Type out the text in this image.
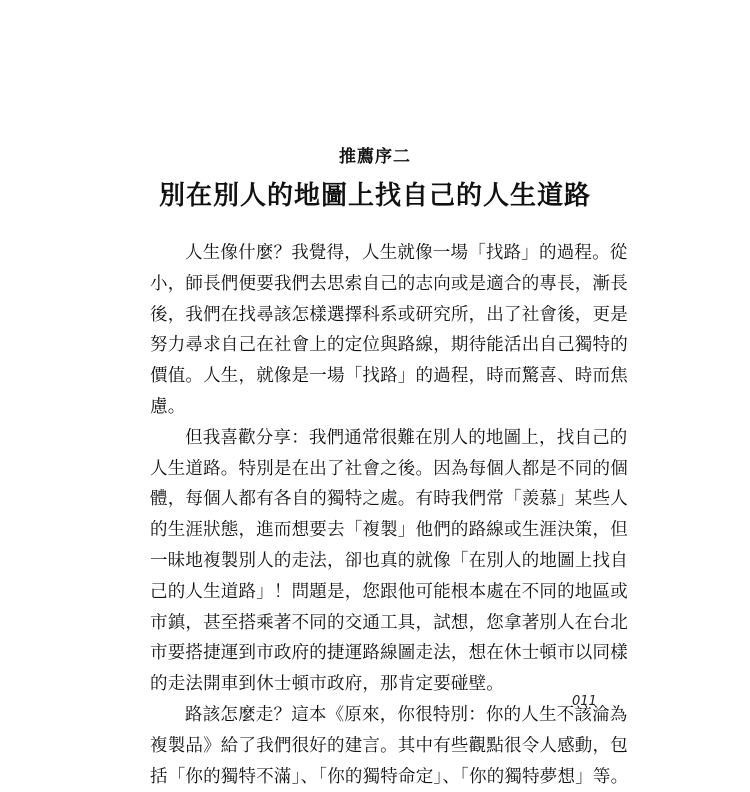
推薦序二
別在別人的地圖上找自己的人生道路
人生像什麼？我覺得，人生就像一場「找路」的過程。從
小，師長們便要我們去思索自己的志向或是適合的專長，漸長
後，我們在找尋該怎樣選擇科系或研究所，出了社會後，更是
努力尋求自己在社會上的定位與路線，期待能活出自己獨特的
價值。人生，就像是一場「找路」的過程，時而驚喜、時而焦
慮。
但我喜歡分享：我們通常很難在別人的地圖上，找自己的
人生道路。特別是在出了社會之後。因為每個人都是不同的個
體，每個人都有各自的獨特之處。有時我們常「羨慕」某些人
的生涯狀態，進而想要去「複製」他們的路線或生涯決策，但
一昧地複製別人的走法，卻也真的就像「在別人的地圖上找自
己的人生道路」！問題是，您跟他可能根本處在不同的地區或
市鎮，甚至搭乘著不同的交通工具，試想，您拿著別人在台北
市要搭捷運到市政府的捷運路線圖走法，想在休士頓市以同樣
的走法開車到休士頓市政府，那肯定要碰壁。
路該怎麼走？這本《原來，你很特別：你的人生不該淪為
複製品》給了我們很好的建言。其中有些觀點很令人感動，包
括「你的獨特不滿」、「你的獨特命定」、「你的獨特夢想」等。
011
